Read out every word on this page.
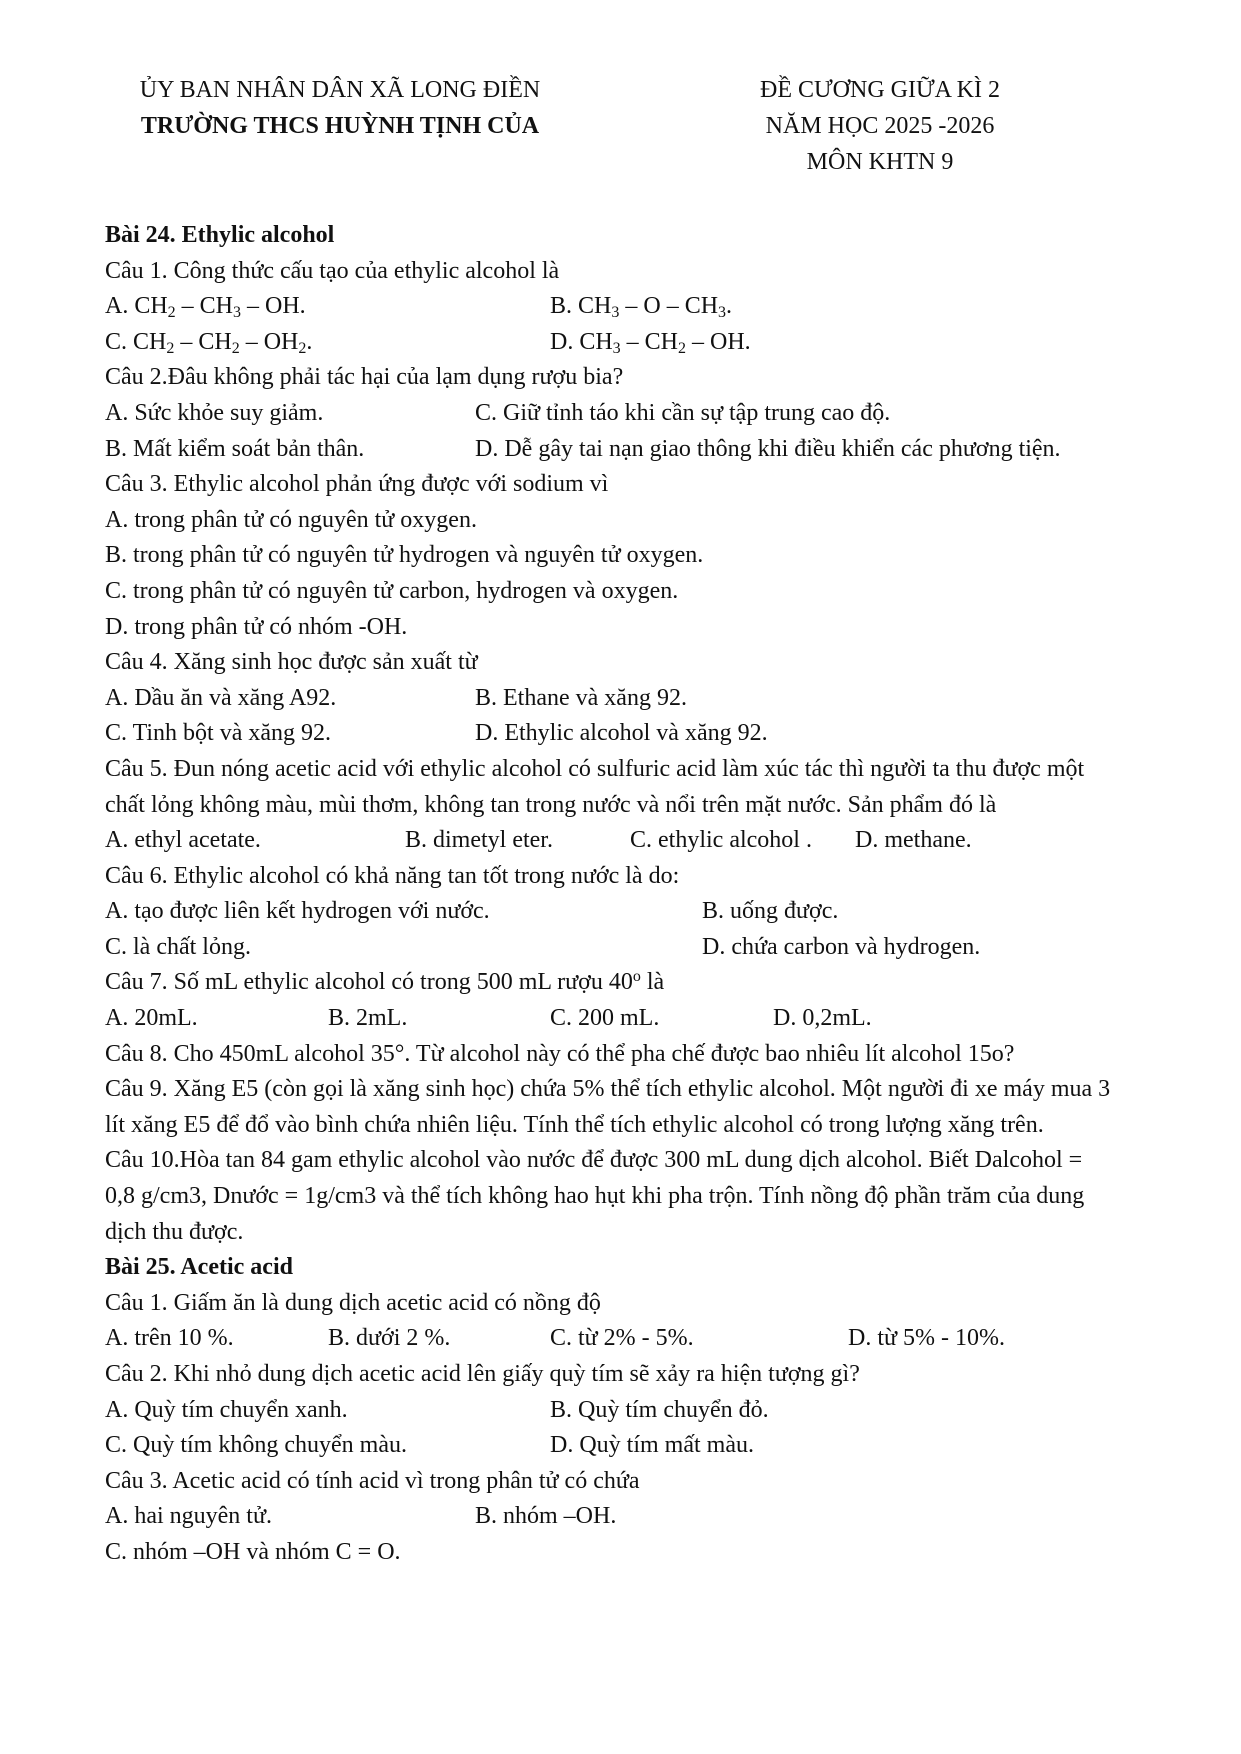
ỦY BAN NHÂN DÂN XÃ LONG ĐIỀN
TRƯỜNG THCS HUỲNH TỊNH CỦA
ĐỀ CƯƠNG GIỮA KÌ 2
NĂM HỌC 2025 -2026
MÔN KHTN 9
Bài 24. Ethylic alcohol
Câu 1. Công thức cấu tạo của ethylic alcohol là
A. $CH_2 - CH_3$ – OH.	B. $CH_3$ – O – $CH_3$.
C. $CH_2 - CH_2 - OH_2$.	D. $CH_3 - CH_2$ – OH.
Câu 2.Đâu không phải tác hại của lạm dụng rượu bia?
A. Sức khỏe suy giảm.	C. Giữ tỉnh táo khi cần sự tập trung cao độ.
B. Mất kiểm soát bản thân.	D. Dễ gây tai nạn giao thông khi điều khiển các phương tiện.
Câu 3. Ethylic alcohol phản ứng được với sodium vì
A. trong phân tử có nguyên tử oxygen.
B. trong phân tử có nguyên tử hydrogen và nguyên tử oxygen.
C. trong phân tử có nguyên tử carbon, hydrogen và oxygen.
D. trong phân tử có nhóm -OH.
Câu 4. Xăng sinh học được sản xuất từ
A. Dầu ăn và xăng A92.	B. Ethane và xăng 92.
C. Tinh bột và xăng 92.	D. Ethylic alcohol và xăng 92.
Câu 5. Đun nóng acetic acid với ethylic alcohol có sulfuric acid làm xúc tác thì người ta thu được một chất lỏng không màu, mùi thơm, không tan trong nước và nổi trên mặt nước. Sản phẩm đó là
A. ethyl acetate.	B. dimetyl eter.	C. ethylic alcohol . D. methane.
Câu 6. Ethylic alcohol có khả năng tan tốt trong nước là do:
A. tạo được liên kết hydrogen với nước.	B. uống được.
C. là chất lỏng.	D. chứa carbon và hydrogen.
Câu 7. Số mL ethylic alcohol có trong 500 mL rượu 40$^o$ là
A. 20mL.	B. 2mL.	C. 200 mL.	D. 0,2mL.
Câu 8. Cho 450mL alcohol 35°. Từ alcohol này có thể pha chế được bao nhiêu lít alcohol 15o?
Câu 9. Xăng E5 (còn gọi là xăng sinh học) chứa 5% thể tích ethylic alcohol. Một người đi xe máy mua 3 lít xăng E5 để đổ vào bình chứa nhiên liệu. Tính thể tích ethylic alcohol có trong lượng xăng trên.
Câu 10.Hòa tan 84 gam ethylic alcohol vào nước để được 300 mL dung dịch alcohol. Biết Dalcohol = 0,8 g/cm3, Dnước = 1g/cm3 và thể tích không hao hụt khi pha trộn. Tính nồng độ phần trăm của dung dịch thu được.
Bài 25. Acetic acid
Câu 1. Giấm ăn là dung dịch acetic acid có nồng độ
A. trên 10 %.	B. dưới 2 %.	C. từ 2% - 5%.	D. từ 5% - 10%.
Câu 2. Khi nhỏ dung dịch acetic acid lên giấy quỳ tím sẽ xảy ra hiện tượng gì?
A. Quỳ tím chuyển xanh.	B. Quỳ tím chuyển đỏ.
C. Quỳ tím không chuyển màu.	D. Quỳ tím mất màu.
Câu 3. Acetic acid có tính acid vì trong phân tử có chứa
A. hai nguyên tử.	B. nhóm –OH.
C. nhóm –OH và nhóm C = O.
